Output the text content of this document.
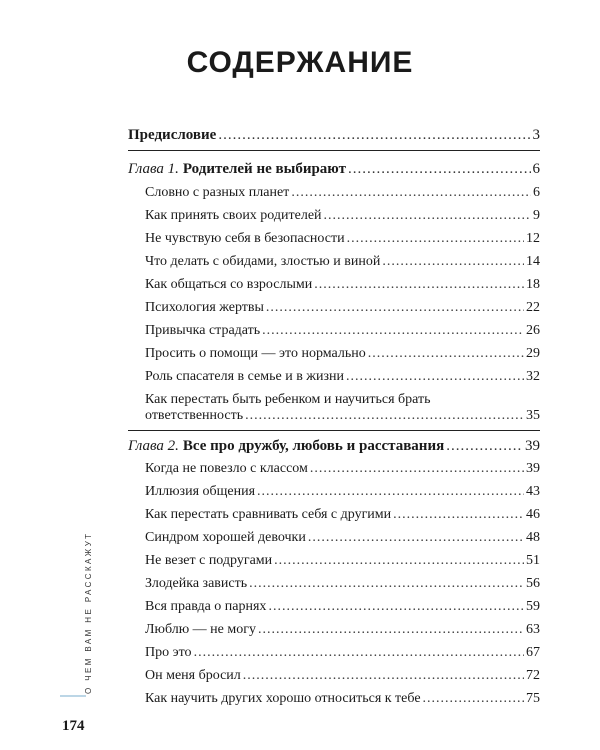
СОДЕРЖАНИЕ
Предисловие .....	3
Глава 1. Родителей не выбирают .....	6
Словно с разных планет .....	6
Как принять своих родителей .....	9
Не чувствую себя в безопасности .....	12
Что делать с обидами, злостью и виной .....	14
Как общаться со взрослыми .....	18
Психология жертвы .....	22
Привычка страдать .....	26
Просить о помощи — это нормально .....	29
Роль спасателя в семье и в жизни .....	32
Как перестать быть ребенком и научиться брать
ответственность .....	35
Глава 2. Все про дружбу, любовь и расставания .....	39
Когда не повезло с классом .....	39
Иллюзия общения .....	43
Как перестать сравнивать себя с другими .....	46
Синдром хорошей девочки .....	48
Не везет с подругами .....	51
Злодейка зависть .....	56
Вся правда о парнях .....	59
Люблю — не могу .....	63
Про это .....	67
Он меня бросил .....	72
Как научить других хорошо относиться к тебе .....	75
О ЧЕМ ВАМ НЕ РАССКАЖУТ
174
